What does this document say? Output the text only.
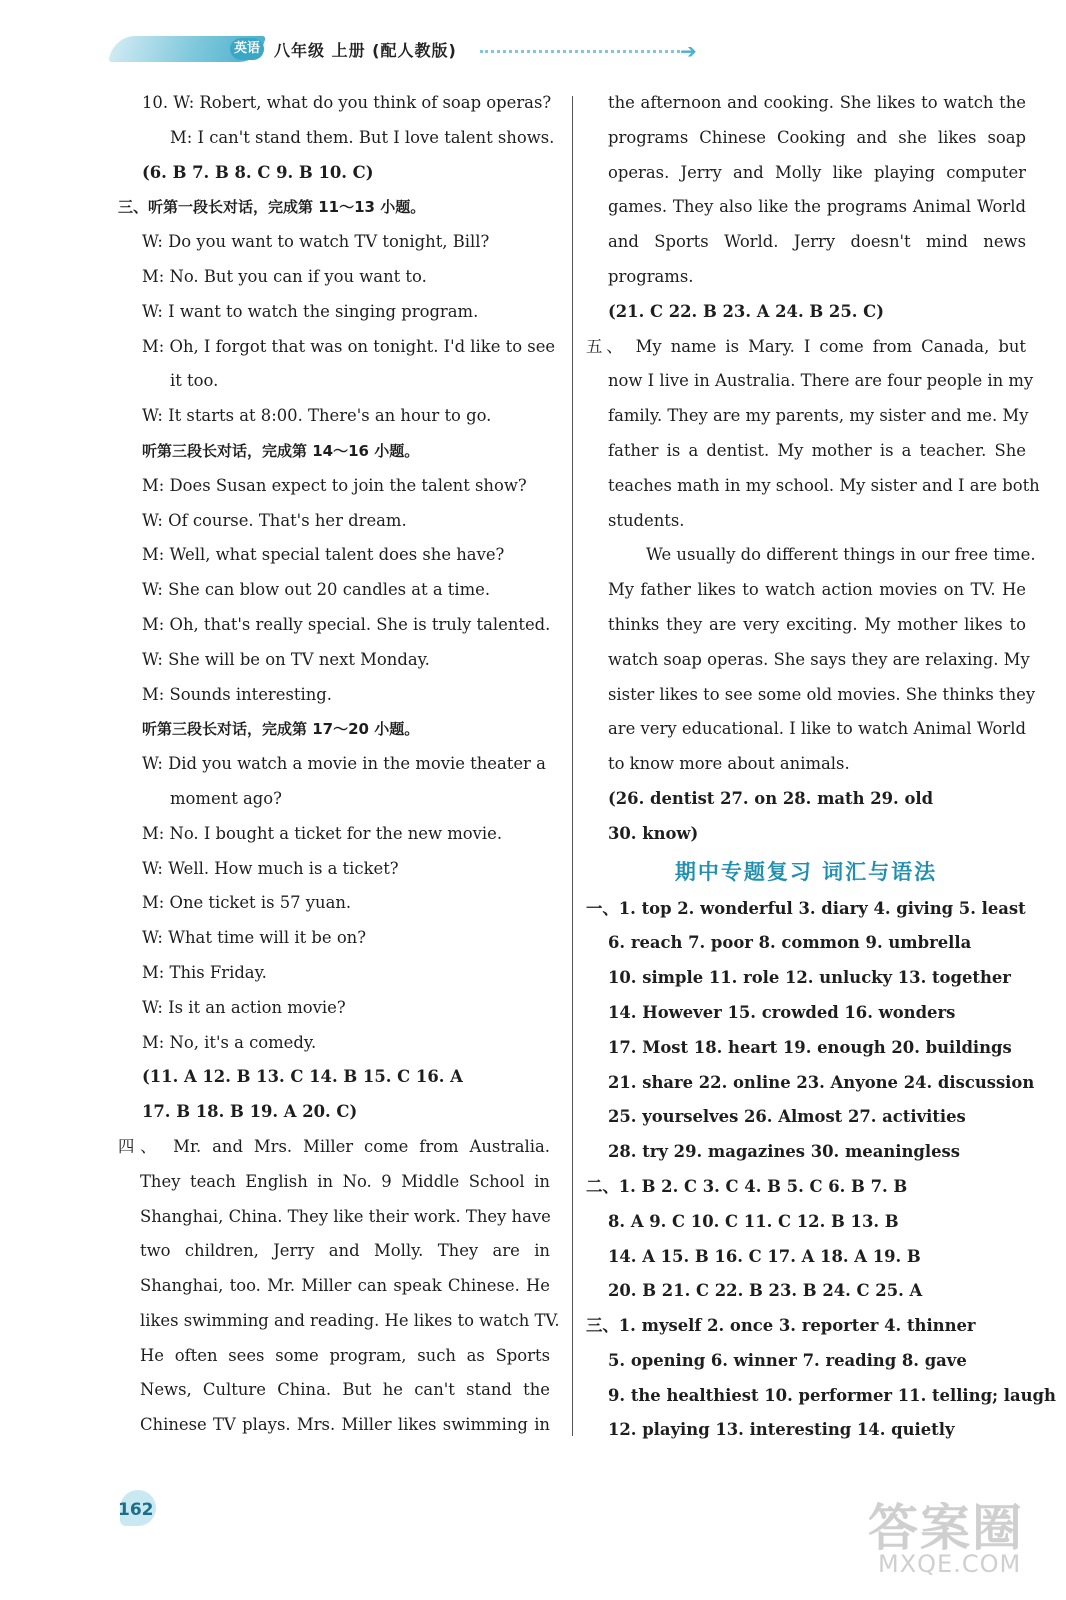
英语 八年级 上册 (配人教版)	➔
10. W: Robert, what do you think of soap operas?
M: I can't stand them. But I love talent shows.
(6. B 7. B 8. C 9. B 10. C)
三、听第一段长对话，完成第 11～13 小题。
W: Do you want to watch TV tonight, Bill?
M: No. But you can if you want to.
W: I want to watch the singing program.
M: Oh, I forgot that was on tonight. I'd like to see
it too.
W: It starts at 8:00. There's an hour to go.
听第三段长对话，完成第 14～16 小题。
M: Does Susan expect to join the talent show?
W: Of course. That's her dream.
M: Well, what special talent does she have?
W: She can blow out 20 candles at a time.
M: Oh, that's really special. She is truly talented.
W: She will be on TV next Monday.
M: Sounds interesting.
听第三段长对话，完成第 17～20 小题。
W: Did you watch a movie in the movie theater a
moment ago?
M: No. I bought a ticket for the new movie.
W: Well. How much is a ticket?
M: One ticket is 57 yuan.
W: What time will it be on?
M: This Friday.
W: Is it an action movie?
M: No, it's a comedy.
(11. A 12. B 13. C 14. B 15. C 16. A
17. B 18. B 19. A 20. C)
四、 Mr. and Mrs. Miller come from Australia.
They teach English in No. 9 Middle School in
Shanghai, China. They like their work. They have
two children, Jerry and Molly. They are in
Shanghai, too. Mr. Miller can speak Chinese. He
likes swimming and reading. He likes to watch TV.
He often sees some program, such as Sports
News, Culture China. But he can't stand the
Chinese TV plays. Mrs. Miller likes swimming in
the afternoon and cooking. She likes to watch the
programs Chinese Cooking and she likes soap
operas. Jerry and Molly like playing computer
games. They also like the programs Animal World
and Sports World. Jerry doesn't mind news
programs.
(21. C 22. B 23. A 24. B 25. C)
五、 My name is Mary. I come from Canada, but
now I live in Australia. There are four people in my
family. They are my parents, my sister and me. My
father is a dentist. My mother is a teacher. She
teaches math in my school. My sister and I are both
students.
We usually do different things in our free time.
My father likes to watch action movies on TV. He
thinks they are very exciting. My mother likes to
watch soap operas. She says they are relaxing. My
sister likes to see some old movies. She thinks they
are very educational. I like to watch Animal World
to know more about animals.
(26. dentist 27. on 28. math 29. old
30. know)
期中专题复习 词汇与语法
一、1. top 2. wonderful 3. diary 4. giving 5. least
6. reach 7. poor 8. common 9. umbrella
10. simple 11. role 12. unlucky 13. together
14. However 15. crowded 16. wonders
17. Most 18. heart 19. enough 20. buildings
21. share 22. online 23. Anyone 24. discussion
25. yourselves 26. Almost 27. activities
28. try 29. magazines 30. meaningless
二、1. B 2. C 3. C 4. B 5. C 6. B 7. B
8. A 9. C 10. C 11. C 12. B 13. B
14. A 15. B 16. C 17. A 18. A 19. B
20. B 21. C 22. B 23. B 24. C 25. A
三、1. myself 2. once 3. reporter 4. thinner
5. opening 6. winner 7. reading 8. gave
9. the healthiest 10. performer 11. telling; laugh
12. playing 13. interesting 14. quietly
162	答案圈
MXQE.COM
